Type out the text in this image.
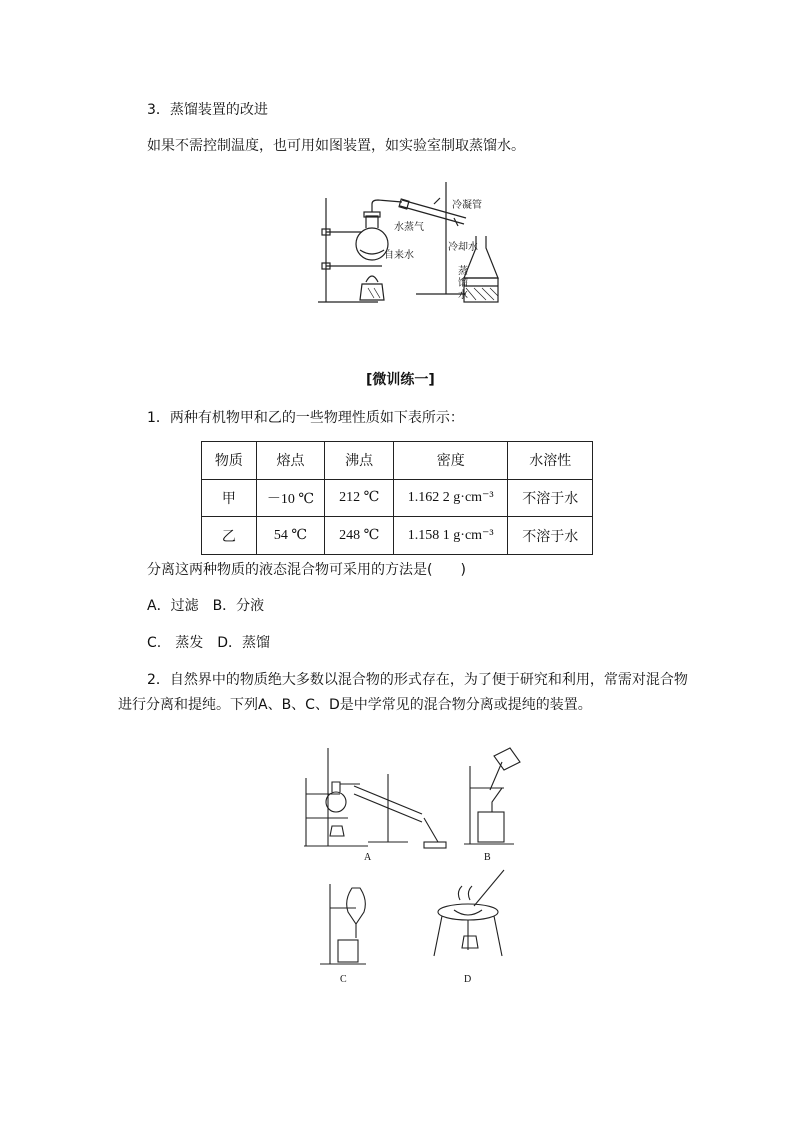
3．蒸馏装置的改进
如果不需控制温度，也可用如图装置，如实验室制取蒸馏水。
冷凝管
水蒸气
自来水
冷却水
蒸
馏
水
[微训练一]
1．两种有机物甲和乙的一些物理性质如下表所示：
物质	熔点	沸点	密度	水溶性
甲	－10 ℃	212 ℃	1.162 2 g·cm⁻³	不溶于水
乙	54 ℃	248 ℃	1.158 1 g·cm⁻³	不溶于水
分离这两种物质的液态混合物可采用的方法是(　　)
A．过滤　B．分液
C.　蒸发　D．蒸馏
2．自然界中的物质绝大多数以混合物的形式存在，为了便于研究和利用，常需对混合物
进行分离和提纯。下列A、B、C、D是中学常见的混合物分离或提纯的装置。
A	B
C	D
